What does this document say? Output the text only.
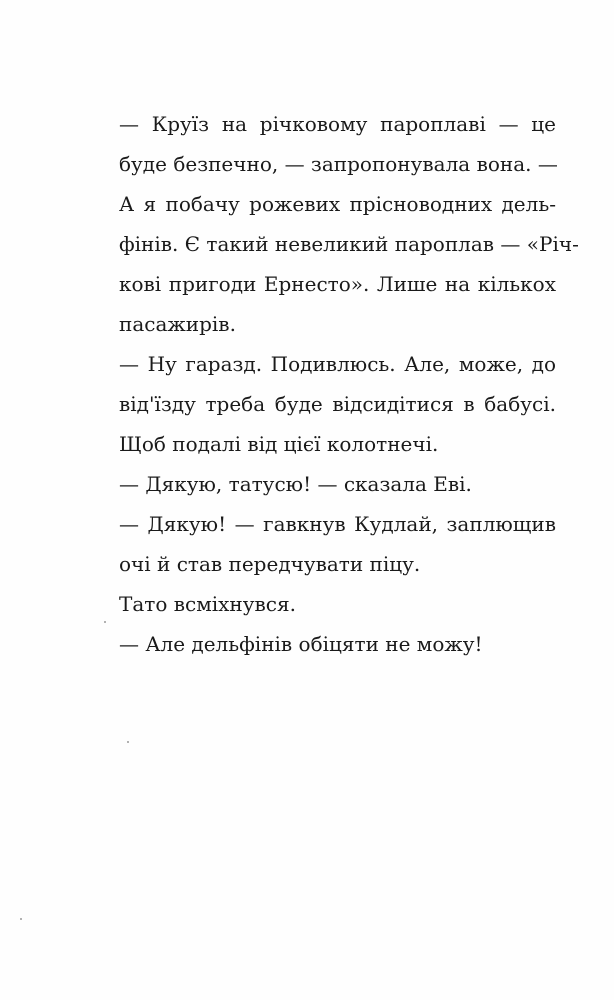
— Круїз на річковому пароплаві — це
буде безпечно, — запропонувала вона. —
А я побачу рожевих прісноводних дель-
фінів. Є такий невеликий пароплав — «Річ-
кові пригоди Ернесто». Лише на кількох
пасажирів.
— Ну гаразд. Подивлюсь. Але, може, до
від'їзду треба буде відсидітися в бабусі.
Щоб подалі від цієї колотнечі.
— Дякую, татусю! — сказала Еві.
— Дякую! — гавкнув Кудлай, заплющив
очі й став передчувати піцу.
Тато всміхнувся.
— Але дельфінів обіцяти не можу!
